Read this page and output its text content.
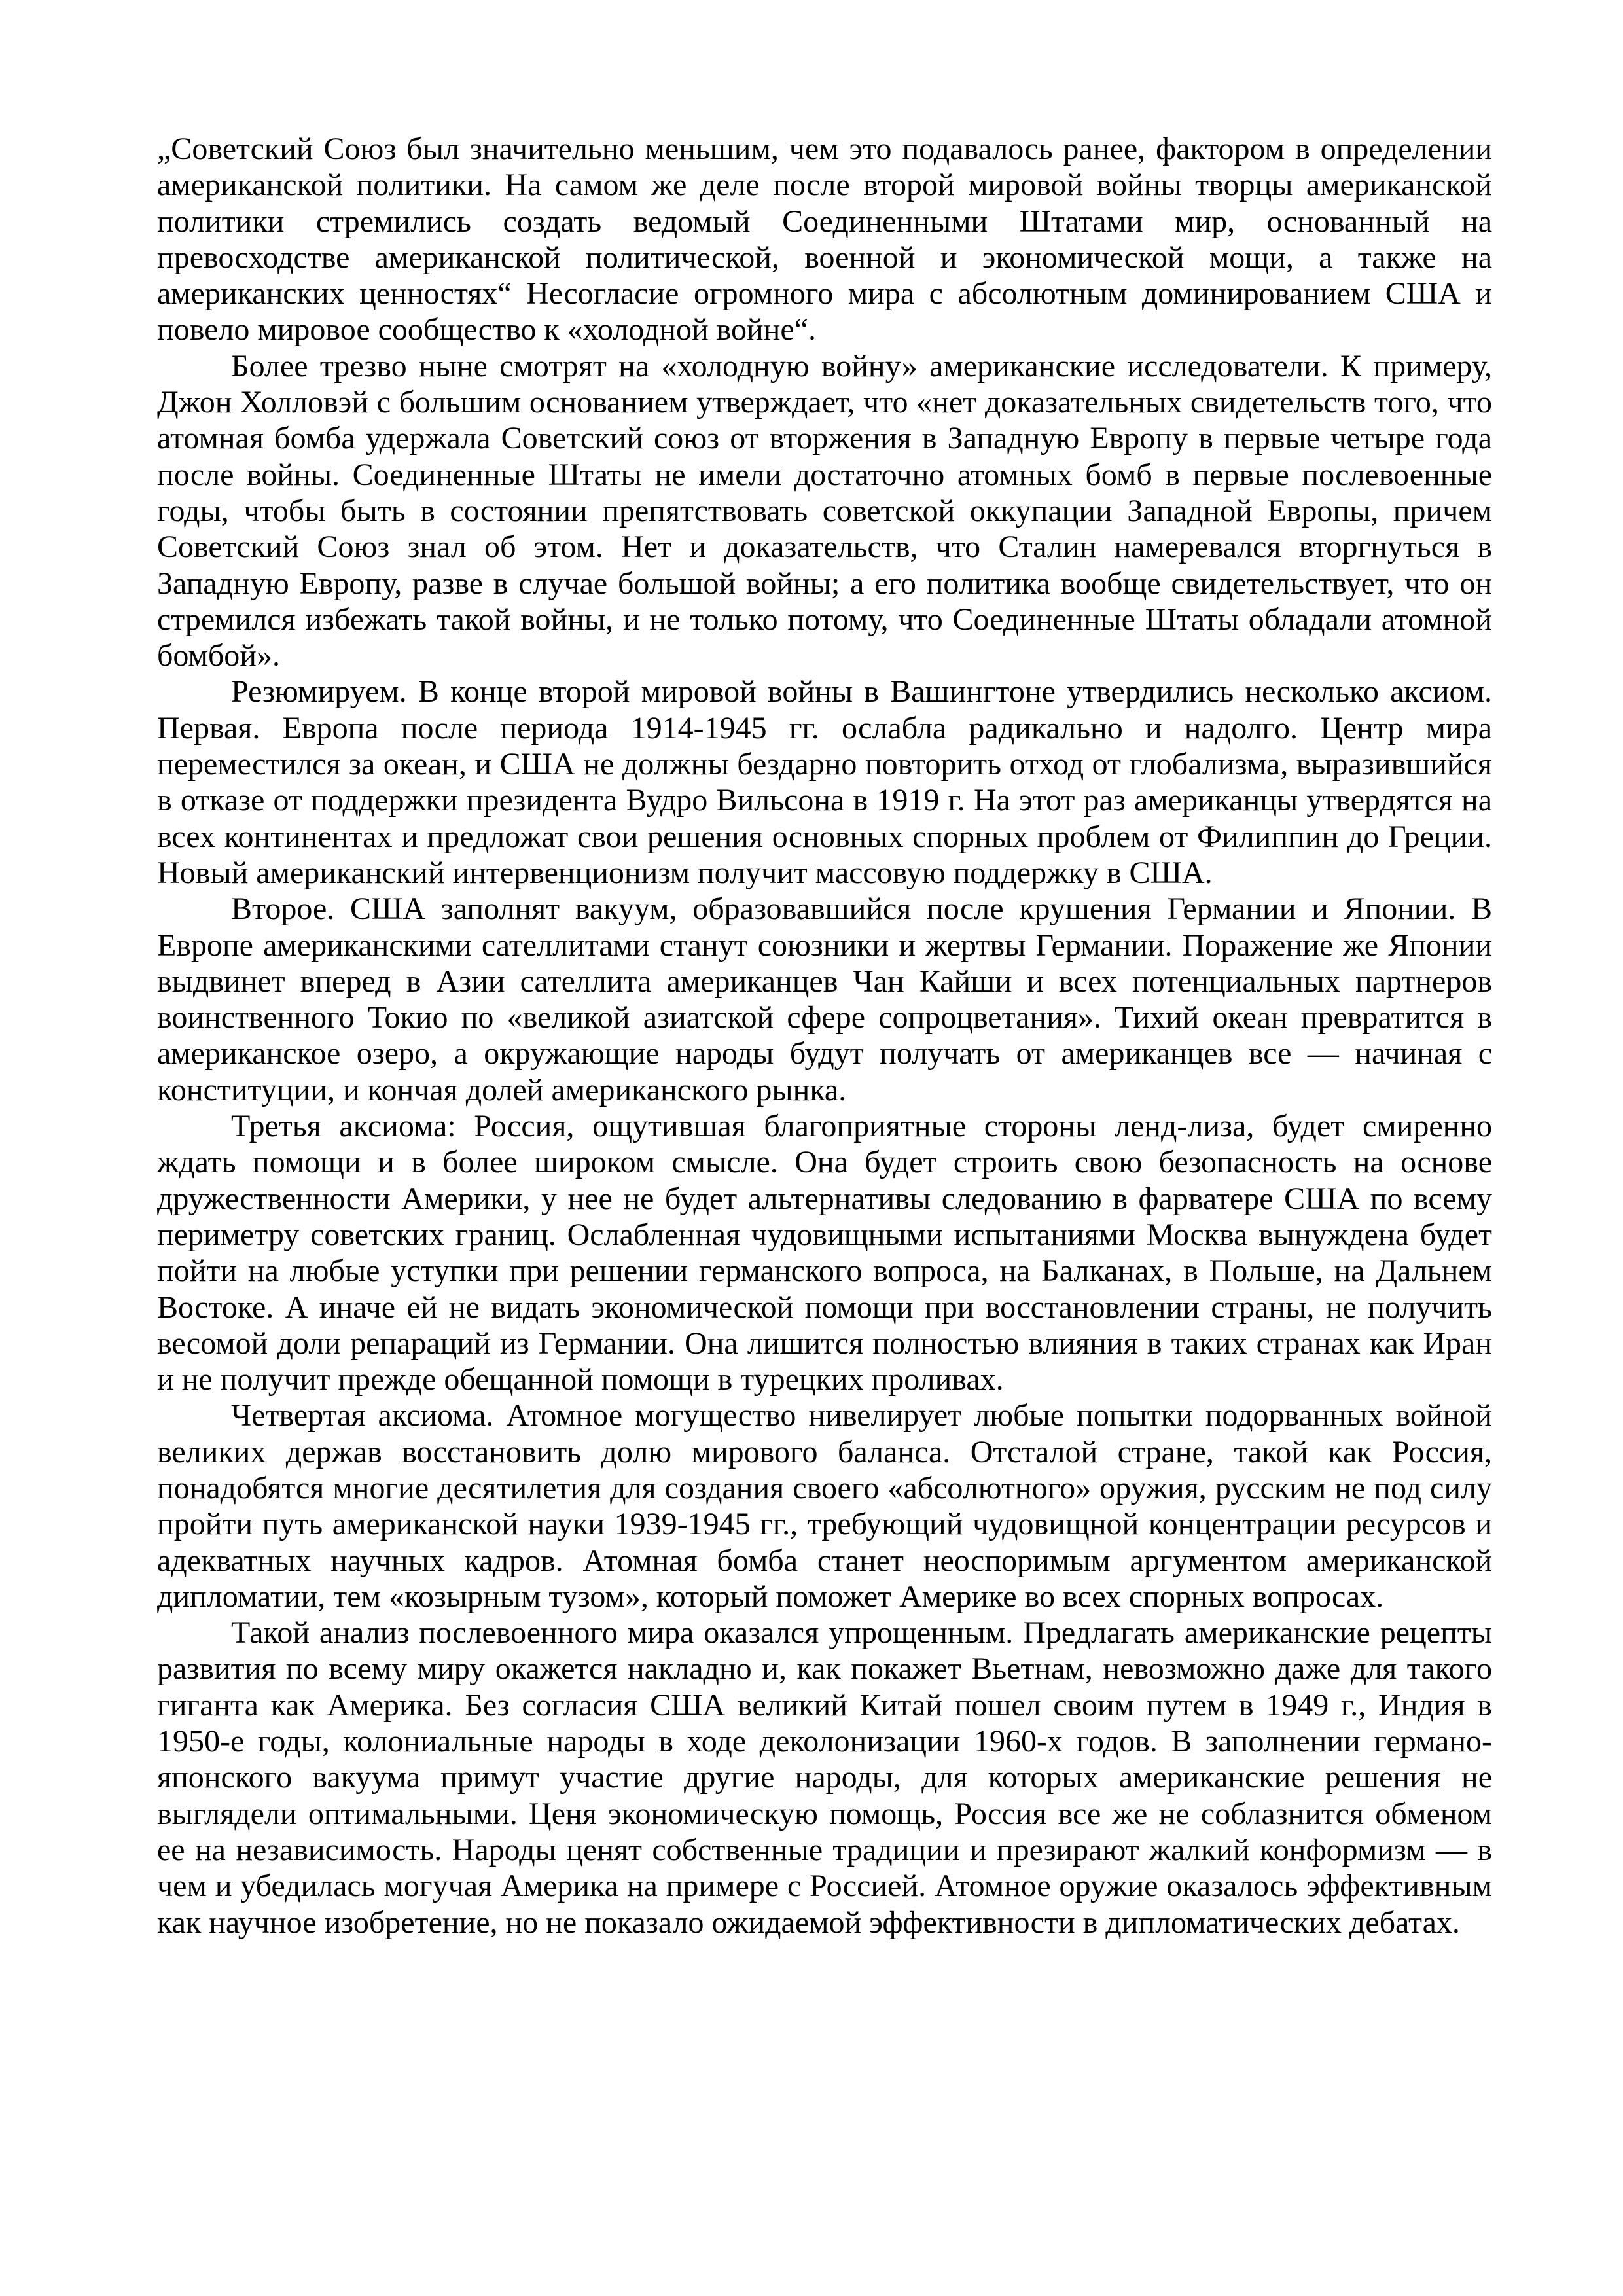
„Советский Союз был значительно меньшим, чем это подавалось ранее, фактором в определении американской политики. На самом же деле после второй мировой войны творцы американской политики стремились создать ведомый Соединенными Штатами мир, основанный на превосходстве американской политической, военной и экономической мощи, а также на американских ценностях“ Несогласие огромного мира с абсолютным доминированием США и повело мировое сообщество к «холодной войне“.

Более трезво ныне смотрят на «холодную войну» американские исследователи. К примеру, Джон Холловэй с большим основанием утверждает, что «нет доказательных свидетельств того, что атомная бомба удержала Советский союз от вторжения в Западную Европу в первые четыре года после войны. Соединенные Штаты не имели достаточно атомных бомб в первые послевоенные годы, чтобы быть в состоянии препятствовать советской оккупации Западной Европы, причем Советский Союз знал об этом. Нет и доказательств, что Сталин намеревался вторгнуться в Западную Европу, разве в случае большой войны; а его политика вообще свидетельствует, что он стремился избежать такой войны, и не только потому, что Соединенные Штаты обладали атомной бомбой».

Резюмируем. В конце второй мировой войны в Вашингтоне утвердились несколько аксиом. Первая. Европа после периода 1914-1945 гг. ослабла радикально и надолго. Центр мира переместился за океан, и США не должны бездарно повторить отход от глобализма, выразившийся в отказе от поддержки президента Вудро Вильсона в 1919 г. На этот раз американцы утвердятся на всех континентах и предложат свои решения основных спорных проблем от Филиппин до Греции. Новый американский интервенционизм получит массовую поддержку в США.

Второе. США заполнят вакуум, образовавшийся после крушения Германии и Японии. В Европе американскими сателлитами станут союзники и жертвы Германии. Поражение же Японии выдвинет вперед в Азии сателлита американцев Чан Кайши и всех потенциальных партнеров воинственного Токио по «великой азиатской сфере сопроцветания». Тихий океан превратится в американское озеро, а окружающие народы будут получать от американцев все — начиная с конституции, и кончая долей американского рынка.

Третья аксиома: Россия, ощутившая благоприятные стороны ленд-лиза, будет смиренно ждать помощи и в более широком смысле. Она будет строить свою безопасность на основе дружественности Америки, у нее не будет альтернативы следованию в фарватере США по всему периметру советских границ. Ослабленная чудовищными испытаниями Москва вынуждена будет пойти на любые уступки при решении германского вопроса, на Балканах, в Польше, на Дальнем Востоке. А иначе ей не видать экономической помощи при восстановлении страны, не получить весомой доли репараций из Германии. Она лишится полностью влияния в таких странах как Иран и не получит прежде обещанной помощи в турецких проливах.

Четвертая аксиома. Атомное могущество нивелирует любые попытки подорванных войной великих держав восстановить долю мирового баланса. Отсталой стране, такой как Россия, понадобятся многие десятилетия для создания своего «абсолютного» оружия, русским не под силу пройти путь американской науки 1939-1945 гг., требующий чудовищной концентрации ресурсов и адекватных научных кадров. Атомная бомба станет неоспоримым аргументом американской дипломатии, тем «козырным тузом», который поможет Америке во всех спорных вопросах.

Такой анализ послевоенного мира оказался упрощенным. Предлагать американские рецепты развития по всему миру окажется накладно и, как покажет Вьетнам, невозможно даже для такого гиганта как Америка. Без согласия США великий Китай пошел своим путем в 1949 г., Индия в 1950-е годы, колониальные народы в ходе деколонизации 1960-х годов. В заполнении германо-японского вакуума примут участие другие народы, для которых американские решения не выглядели оптимальными. Ценя экономическую помощь, Россия все же не соблазнится обменом ее на независимость. Народы ценят собственные традиции и презирают жалкий конформизм — в чем и убедилась могучая Америка на примере с Россией. Атомное оружие оказалось эффективным как научное изобретение, но не показало ожидаемой эффективности в дипломатических дебатах.
